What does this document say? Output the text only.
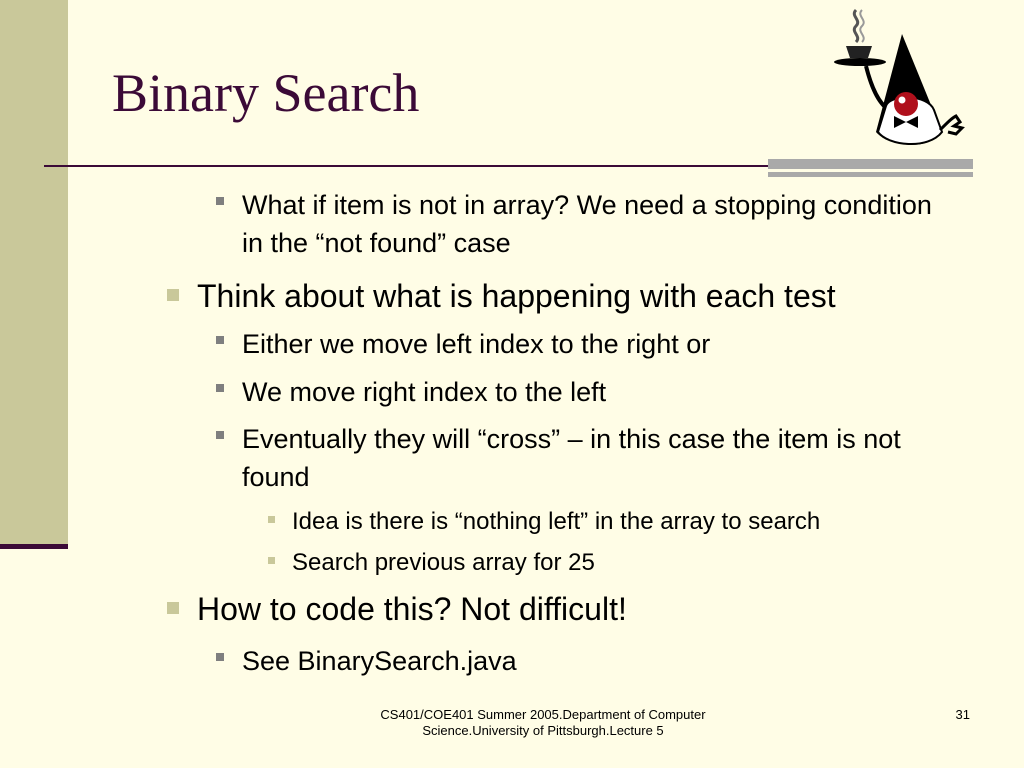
Binary Search
What if item is not in array? We need a stopping condition in the “not found” case
Think about what is happening with each test
Either we move left index to the right or
We move right index to the left
Eventually they will “cross” – in this case the item is not found
Idea is there is “nothing left” in the array to search
Search previous array for 25
How to code this? Not difficult!
See BinarySearch.java
CS401/COE401 Summer 2005.Department of Computer Science.University of Pittsburgh.Lecture 5
31
